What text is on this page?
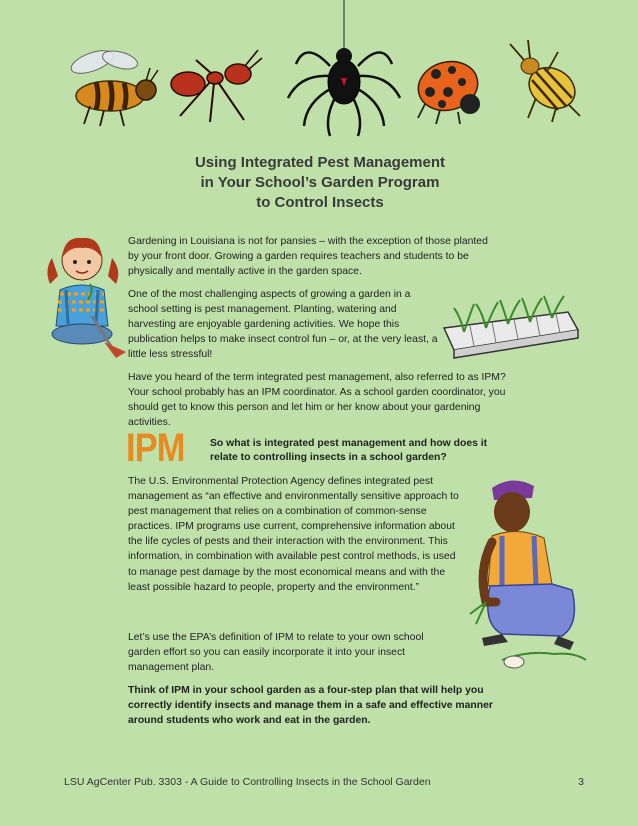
Using Integrated Pest Management
in Your School’s Garden Program
to Control Insects

Gardening in Louisiana is not for pansies – with the exception of those planted by your front door. Growing a garden requires teachers and students to be physically and mentally active in the garden space.

One of the most challenging aspects of growing a garden in a school setting is pest management. Planting, watering and harvesting are enjoyable gardening activities. We hope this publication helps to make insect control fun – or, at the very least, a little less stressful!

Have you heard of the term integrated pest management, also referred to as IPM? Your school probably has an IPM coordinator. As a school garden coordinator, you should get to know this person and let him or her know about your gardening activities.

IPM So what is integrated pest management and how does it relate to controlling insects in a school garden?

The U.S. Environmental Protection Agency defines integrated pest management as “an effective and environmentally sensitive approach to pest management that relies on a combination of common-sense practices. IPM programs use current, comprehensive information about the life cycles of pests and their interaction with the environment. This information, in combination with available pest control methods, is used to manage pest damage by the most economical means and with the least possible hazard to people, property and the environment.”

Let’s use the EPA’s definition of IPM to relate to your own school garden effort so you can easily incorporate it into your insect management plan.

Think of IPM in your school garden as a four-step plan that will help you correctly identify insects and manage them in a safe and effective manner around students who work and eat in the garden.

LSU AgCenter Pub. 3303 - A Guide to Controlling Insects in the School Garden	3
